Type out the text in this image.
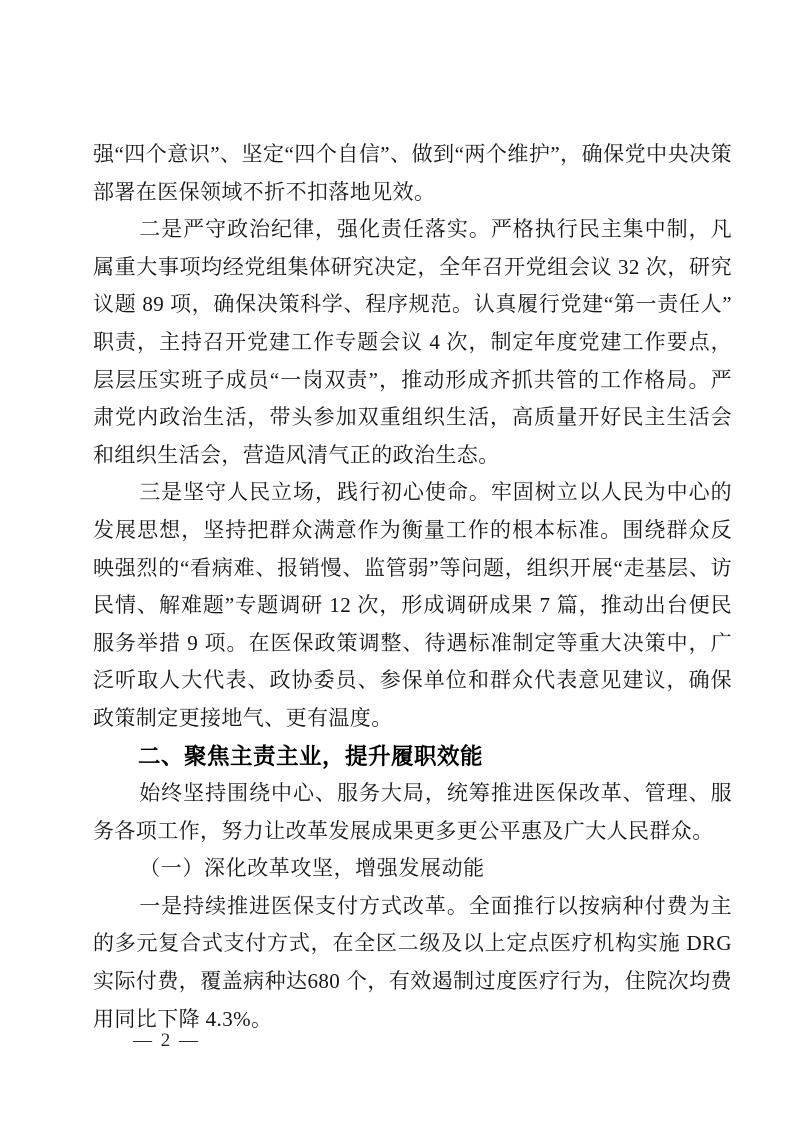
强“四个意识”、坚定“四个自信”、做到“两个维护”，确保党中央决策部署在医保领域不折不扣落地见效。

二是严守政治纪律，强化责任落实。严格执行民主集中制，凡属重大事项均经党组集体研究决定，全年召开党组会议 32 次，研究议题 89 项，确保决策科学、程序规范。认真履行党建“第一责任人”职责，主持召开党建工作专题会议 4 次，制定年度党建工作要点，层层压实班子成员“一岗双责”，推动形成齐抓共管的工作格局。严肃党内政治生活，带头参加双重组织生活，高质量开好民主生活会和组织生活会，营造风清气正的政治生态。

三是坚守人民立场，践行初心使命。牢固树立以人民为中心的发展思想，坚持把群众满意作为衡量工作的根本标准。围绕群众反映强烈的“看病难、报销慢、监管弱”等问题，组织开展“走基层、访民情、解难题”专题调研 12 次，形成调研成果 7 篇，推动出台便民服务举措 9 项。在医保政策调整、待遇标准制定等重大决策中，广泛听取人大代表、政协委员、参保单位和群众代表意见建议，确保政策制定更接地气、更有温度。

二、聚焦主责主业，提升履职效能

始终坚持围绕中心、服务大局，统筹推进医保改革、管理、服务各项工作，努力让改革发展成果更多更公平惠及广大人民群众。

（一）深化改革攻坚，增强发展动能

一是持续推进医保支付方式改革。全面推行以按病种付费为主的多元复合式支付方式，在全区二级及以上定点医疗机构实施 DRG 实际付费，覆盖病种达680 个，有效遏制过度医疗行为，住院次均费用同比下降 4.3%。

— 2 —
